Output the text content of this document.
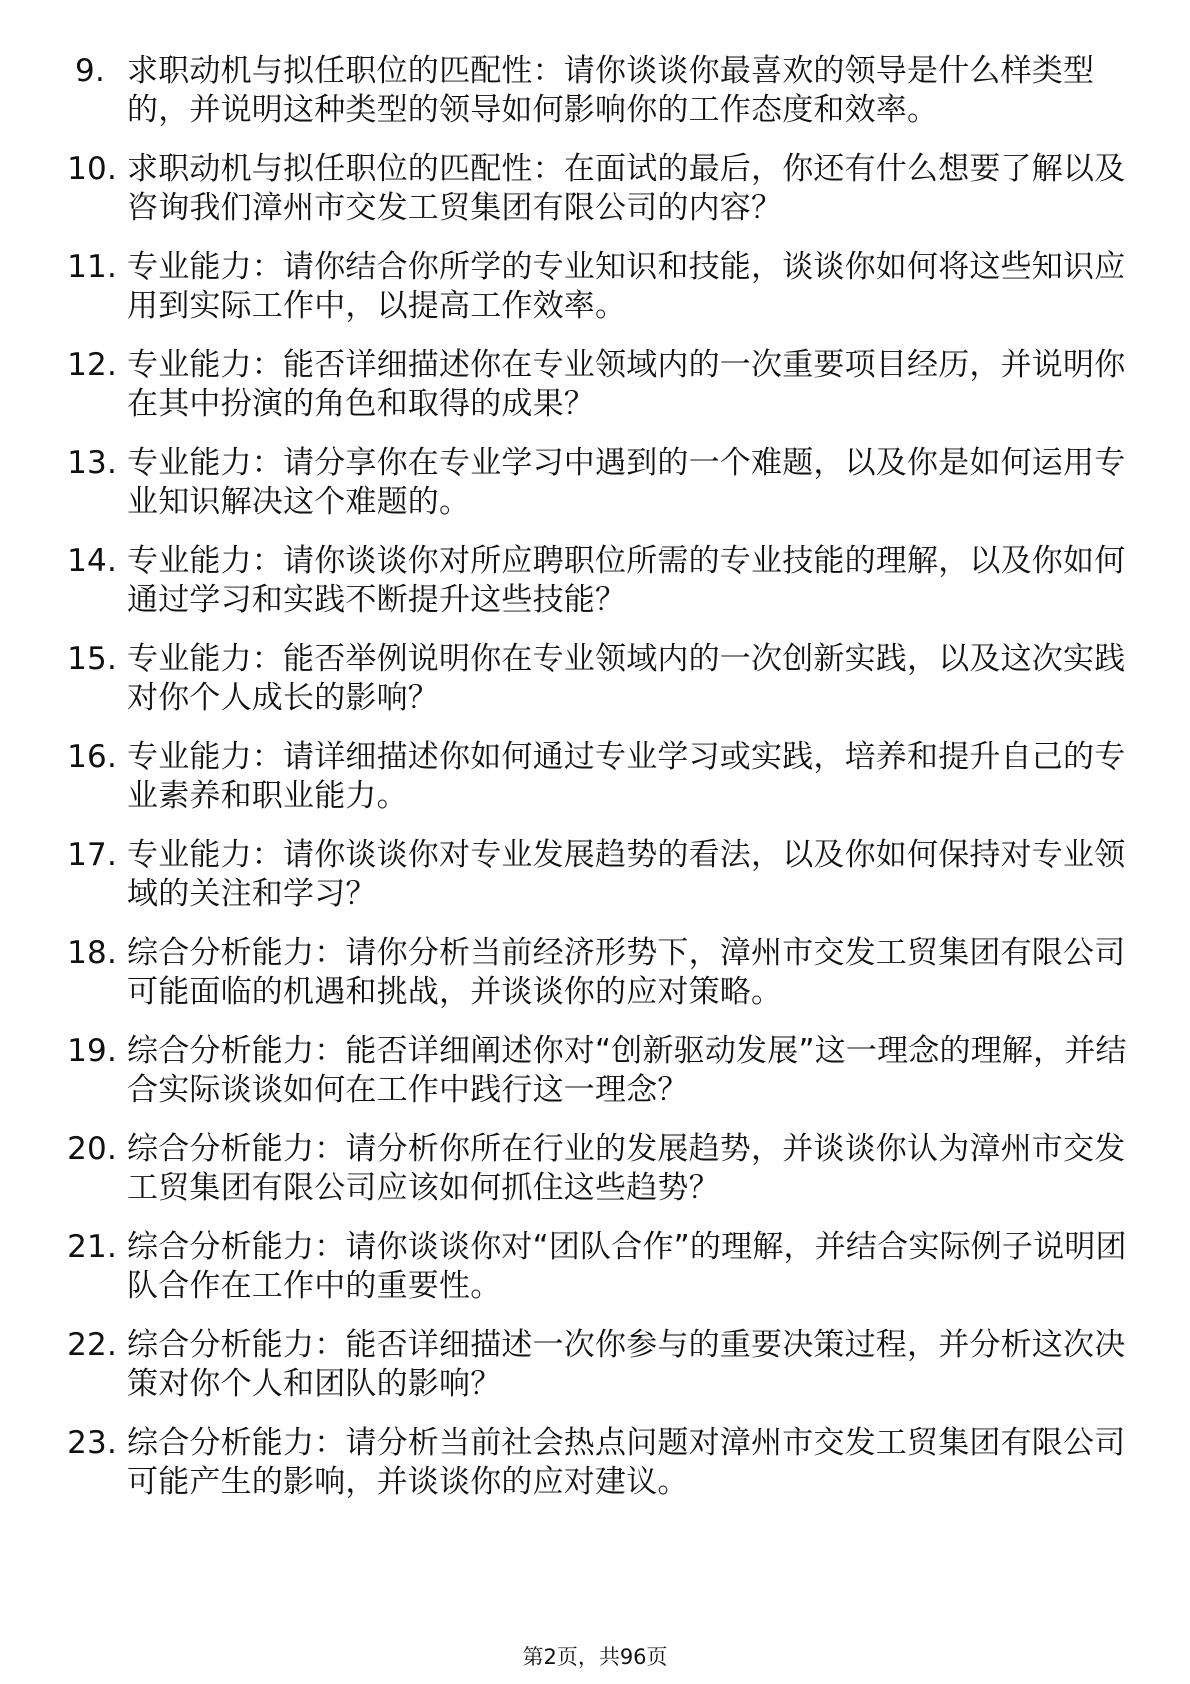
9. 求职动机与拟任职位的匹配性：请你谈谈你最喜欢的领导是什么样类型的，并说明这种类型的领导如何影响你的工作态度和效率。
10. 求职动机与拟任职位的匹配性：在面试的最后，你还有什么想要了解以及咨询我们漳州市交发工贸集团有限公司的内容？
11. 专业能力：请你结合你所学的专业知识和技能，谈谈你如何将这些知识应用到实际工作中，以提高工作效率。
12. 专业能力：能否详细描述你在专业领域内的一次重要项目经历，并说明你在其中扮演的角色和取得的成果？
13. 专业能力：请分享你在专业学习中遇到的一个难题，以及你是如何运用专业知识解决这个难题的。
14. 专业能力：请你谈谈你对所应聘职位所需的专业技能的理解，以及你如何通过学习和实践不断提升这些技能？
15. 专业能力：能否举例说明你在专业领域内的一次创新实践，以及这次实践对你个人成长的影响？
16. 专业能力：请详细描述你如何通过专业学习或实践，培养和提升自己的专业素养和职业能力。
17. 专业能力：请你谈谈你对专业发展趋势的看法，以及你如何保持对专业领域的关注和学习？
18. 综合分析能力：请你分析当前经济形势下，漳州市交发工贸集团有限公司可能面临的机遇和挑战，并谈谈你的应对策略。
19. 综合分析能力：能否详细阐述你对“创新驱动发展”这一理念的理解，并结合实际谈谈如何在工作中践行这一理念？
20. 综合分析能力：请分析你所在行业的发展趋势，并谈谈你认为漳州市交发工贸集团有限公司应该如何抓住这些趋势？
21. 综合分析能力：请你谈谈你对“团队合作”的理解，并结合实际例子说明团队合作在工作中的重要性。
22. 综合分析能力：能否详细描述一次你参与的重要决策过程，并分析这次决策对你个人和团队的影响？
23. 综合分析能力：请分析当前社会热点问题对漳州市交发工贸集团有限公司可能产生的影响，并谈谈你的应对建议。
第2页，共96页
